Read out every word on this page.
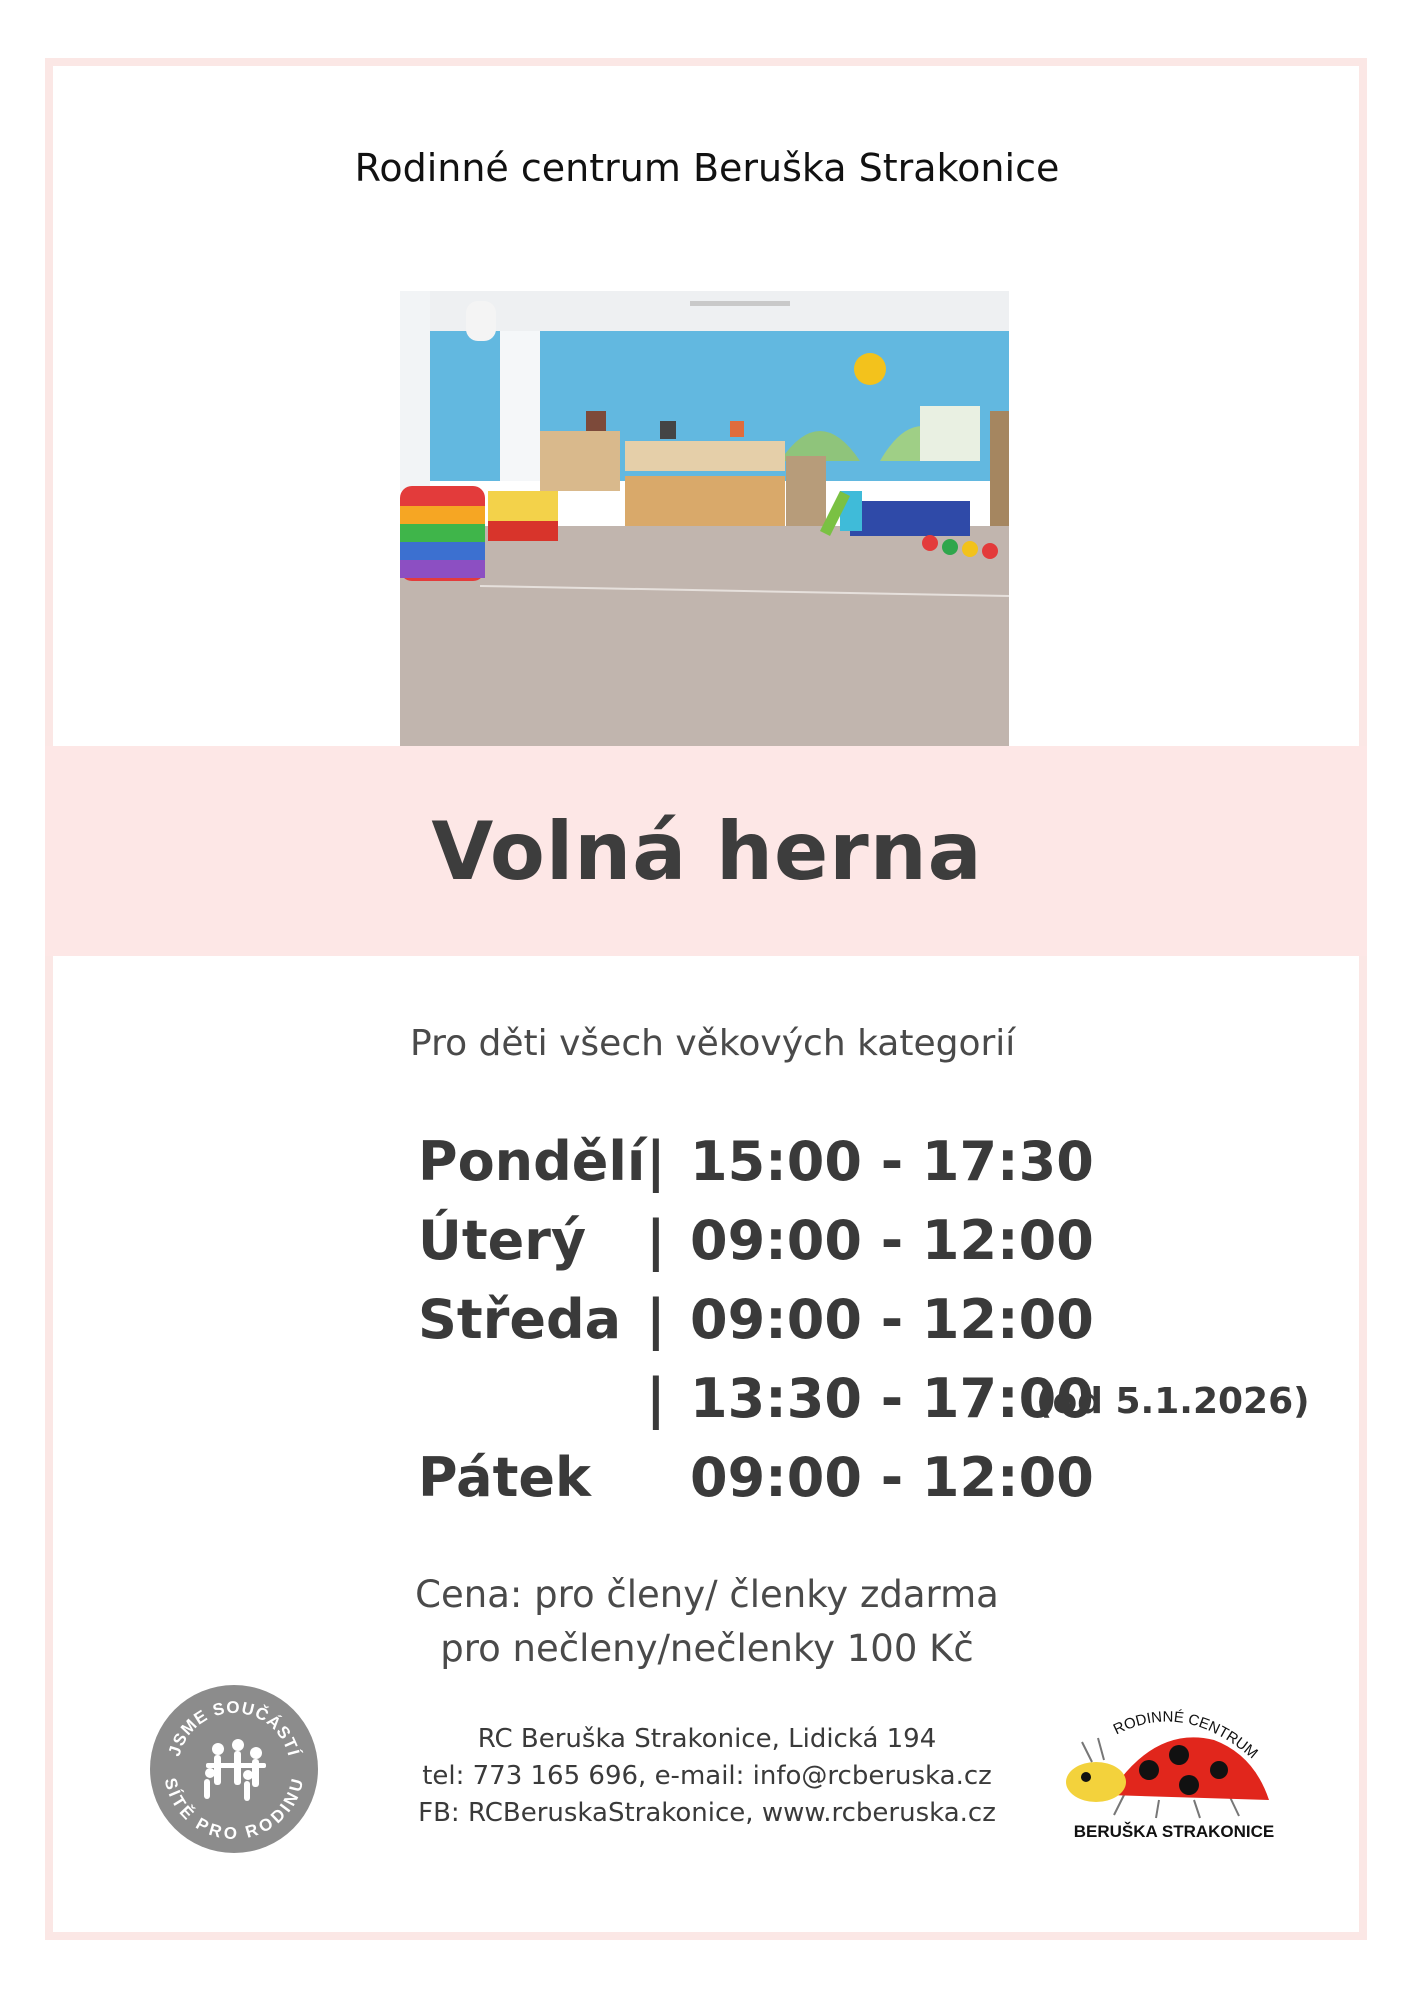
Rodinné centrum Beruška Strakonice
Volná herna
Pro děti všech věkových kategorií
Pondělí | 15:00 - 17:30
Úterý | 09:00 - 12:00
Středa | 09:00 - 12:00
| 13:30 - 17:00
(od 5.1.2026)
Pátek 09:00 - 12:00
Cena: pro členy/ členky zdarma
pro nečleny/nečlenky 100 Kč
RC Beruška Strakonice, Lidická 194
tel: 773 165 696, e-mail: info@rcberuska.cz
FB: RCBeruskaStrakonice, www.rcberuska.cz
JSME SOUČÁSTÍ
SÍTĚ PRO RODINU
RODINNÉ CENTRUM
BERUŠKA STRAKONICE
